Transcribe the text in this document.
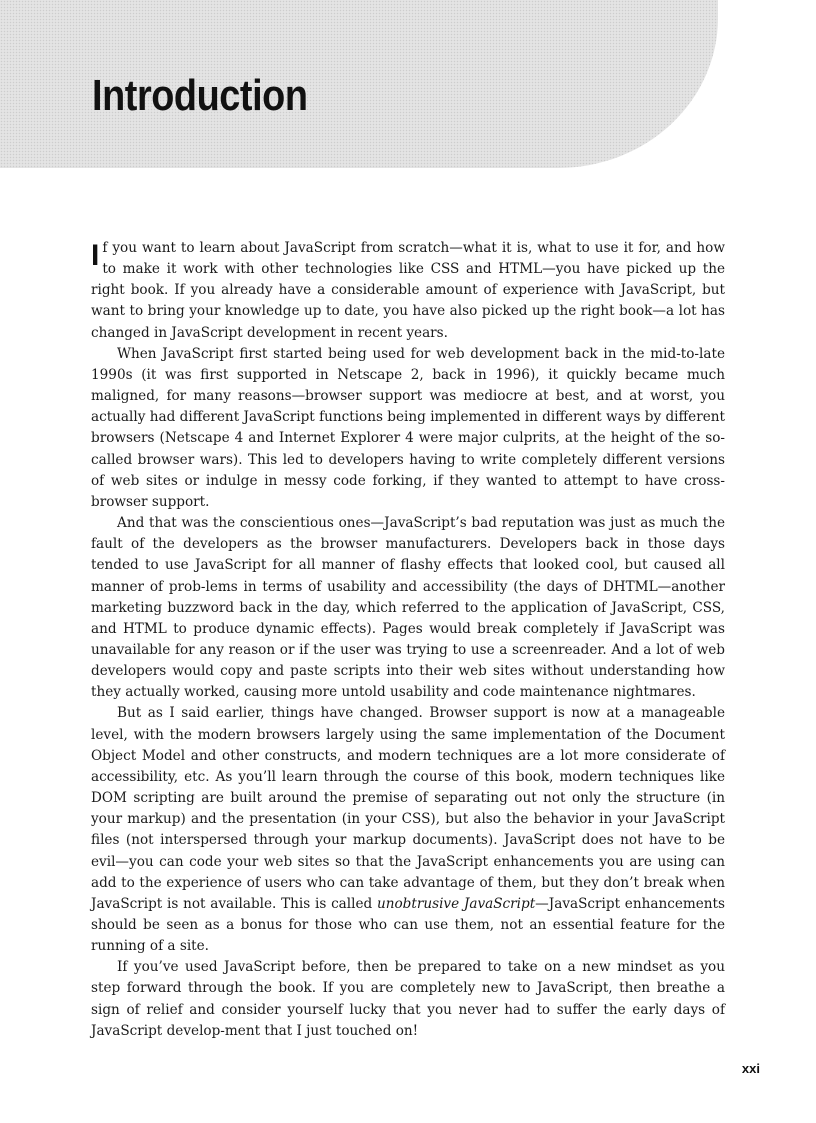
Introduction

If you want to learn about JavaScript from scratch—what it is, what to use it for, and how to make it work with other technologies like CSS and HTML—you have picked up the right book. If you already have a considerable amount of experience with JavaScript, but want to bring your knowledge up to date, you have also picked up the right book—a lot has changed in JavaScript development in recent years.

When JavaScript first started being used for web development back in the mid-to-late 1990s (it was first supported in Netscape 2, back in 1996), it quickly became much maligned, for many reasons—browser support was mediocre at best, and at worst, you actually had different JavaScript functions being implemented in different ways by different browsers (Netscape 4 and Internet Explorer 4 were major culprits, at the height of the so-called browser wars). This led to developers having to write completely different versions of web sites or indulge in messy code forking, if they wanted to attempt to have cross-browser support.

And that was the conscientious ones—JavaScript’s bad reputation was just as much the fault of the developers as the browser manufacturers. Developers back in those days tended to use JavaScript for all manner of flashy effects that looked cool, but caused all manner of prob-lems in terms of usability and accessibility (the days of DHTML—another marketing buzzword back in the day, which referred to the application of JavaScript, CSS, and HTML to produce dynamic effects). Pages would break completely if JavaScript was unavailable for any reason or if the user was trying to use a screenreader. And a lot of web developers would copy and paste scripts into their web sites without understanding how they actually worked, causing more untold usability and code maintenance nightmares.

But as I said earlier, things have changed. Browser support is now at a manageable level, with the modern browsers largely using the same implementation of the Document Object Model and other constructs, and modern techniques are a lot more considerate of accessibility, etc. As you’ll learn through the course of this book, modern techniques like DOM scripting are built around the premise of separating out not only the structure (in your markup) and the presentation (in your CSS), but also the behavior in your JavaScript files (not interspersed through your markup documents). JavaScript does not have to be evil—you can code your web sites so that the JavaScript enhancements you are using can add to the experience of users who can take advantage of them, but they don’t break when JavaScript is not available. This is called unobtrusive JavaScript—JavaScript enhancements should be seen as a bonus for those who can use them, not an essential feature for the running of a site.

If you’ve used JavaScript before, then be prepared to take on a new mindset as you step forward through the book. If you are completely new to JavaScript, then breathe a sign of relief and consider yourself lucky that you never had to suffer the early days of JavaScript develop-ment that I just touched on!

xxi
